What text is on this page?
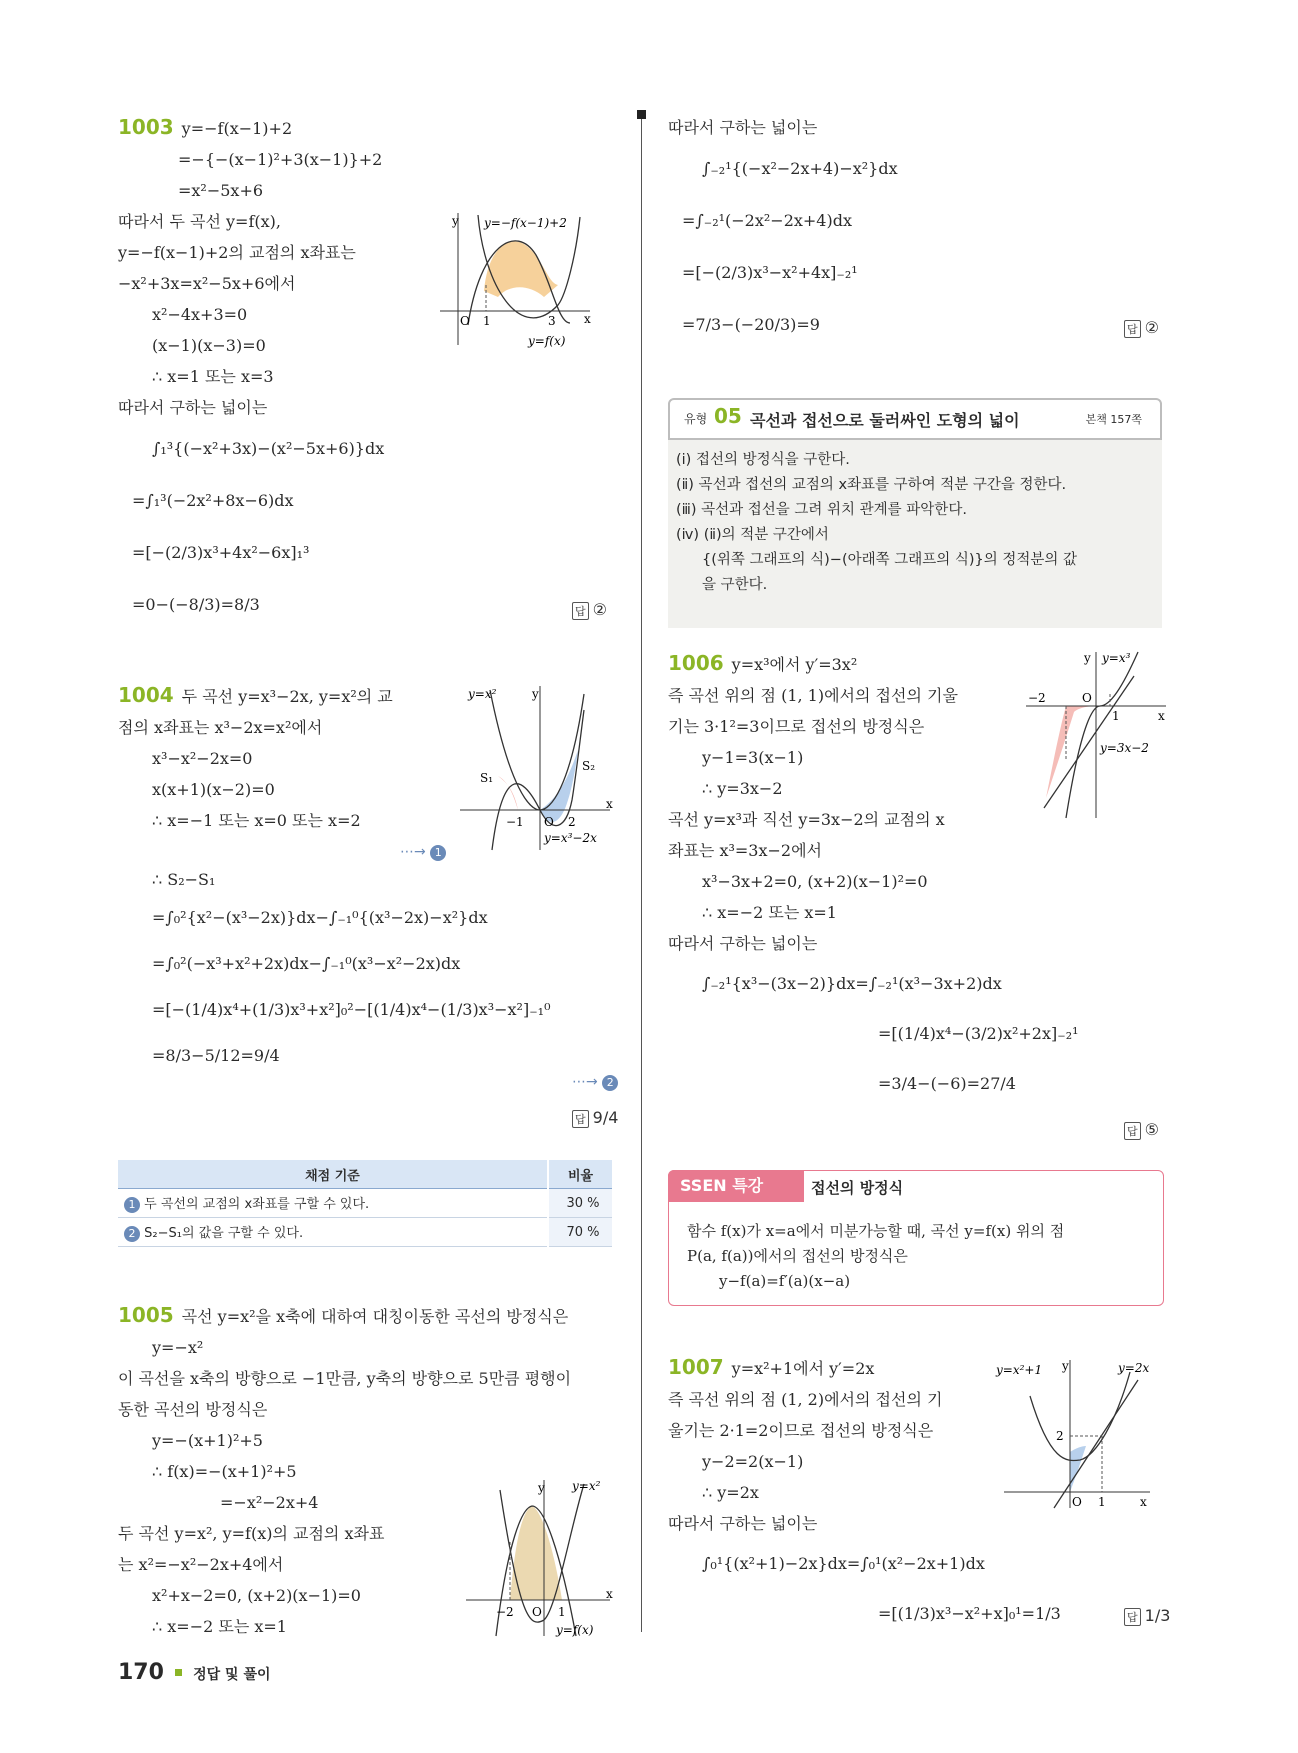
1003 y=−f(x−1)+2
=−{−(x−1)²+3(x−1)}+2
=x²−5x+6
따라서 두 곡선 y=f(x),
y=−f(x−1)+2의 교점의 x좌표는
−x²+3x=x²−5x+6에서
x²−4x+3=0
(x−1)(x−3)=0
∴ x=1 또는 x=3
따라서 구하는 넓이는
∫₁³{(−x²+3x)−(x²−5x+6)}dx
=∫₁³(−2x²+8x−6)dx
=[−(2/3)x³+4x²−6x]₁³
=0−(−8/3)=8/3	답 ②
y
x
O 1	3
y=−f(x−1)+2
y=f(x)
1004 두 곡선 y=x³−2x, y=x²의 교
점의 x좌표는 x³−2x=x²에서
x³−x²−2x=0
x(x+1)(x−2)=0
∴ x=−1 또는 x=0 또는 x=2
∴ S₂−S₁
=∫₀²{x²−(x³−2x)}dx−∫₋₁⁰{(x³−2x)−x²}dx
=∫₀²(−x³+x²+2x)dx−∫₋₁⁰(x³−x²−2x)dx
=[−(1/4)x⁴+(1/3)x³+x²]₀²−[(1/4)x⁴−(1/3)x³−x²]₋₁⁰
=8/3−5/12=9/4
⋯→ 1
⋯→ 2
답 9/4
y=x²	y
x
O
−1	2
S₁
S₂
y=x³−2x
채점 기준	비율
1 두 곡선의 교점의 x좌표를 구할 수 있다.	30 %
2 S₂−S₁의 값을 구할 수 있다.	70 %
1005 곡선 y=x²을 x축에 대하여 대칭이동한 곡선의 방정식은
y=−x²
이 곡선을 x축의 방향으로 −1만큼, y축의 방향으로 5만큼 평행이
동한 곡선의 방정식은
y=−(x+1)²+5
∴ f(x)=−(x+1)²+5
=−x²−2x+4
두 곡선 y=x², y=f(x)의 교점의 x좌표
는 x²=−x²−2x+4에서
x²+x−2=0, (x+2)(x−1)=0
∴ x=−2 또는 x=1
y y=x²
x
−2 O 1
y=f(x)
따라서 구하는 넓이는
∫₋₂¹{(−x²−2x+4)−x²}dx
=∫₋₂¹(−2x²−2x+4)dx
=[−(2/3)x³−x²+4x]₋₂¹
=7/3−(−20/3)=9	답 ②
유형 05 곡선과 접선으로 둘러싸인 도형의 넓이	본책 157쪽
(ⅰ) 접선의 방정식을 구한다.
(ⅱ) 곡선과 접선의 교점의 x좌표를 구하여 적분 구간을 정한다.
(ⅲ) 곡선과 접선을 그려 위치 관계를 파악한다.
(ⅳ) (ⅱ)의 적분 구간에서
{(위쪽 그래프의 식)−(아래쪽 그래프의 식)}의 정적분의 값
을 구한다.
1006 y=x³에서 y′=3x²
즉 곡선 위의 점 (1, 1)에서의 접선의 기울
기는 3·1²=3이므로 접선의 방정식은
y−1=3(x−1)
∴ y=3x−2
곡선 y=x³과 직선 y=3x−2의 교점의 x
좌표는 x³=3x−2에서
x³−3x+2=0, (x+2)(x−1)²=0
∴ x=−2 또는 x=1
따라서 구하는 넓이는
∫₋₂¹{x³−(3x−2)}dx=∫₋₂¹(x³−3x+2)dx
=[(1/4)x⁴−(3/2)x²+2x]₋₂¹
=3/4−(−6)=27/4
답 ⑤
y y=x³
−2	O
x
1
y=3x−2
SSEN 특강	접선의 방정식
함수 f(x)가 x=a에서 미분가능할 때, 곡선 y=f(x) 위의 점
P(a, f(a))에서의 접선의 방정식은
y−f(a)=f′(a)(x−a)
1007 y=x²+1에서 y′=2x
즉 곡선 위의 점 (1, 2)에서의 접선의 기
울기는 2·1=2이므로 접선의 방정식은
y−2=2(x−1)
∴ y=2x
따라서 구하는 넓이는
∫₀¹{(x²+1)−2x}dx=∫₀¹(x²−2x+1)dx
=[(1/3)x³−x²+x]₀¹=1/3	답 1/3
y=x²+1 y	y=2x
2
O 1	x
170 정답 및 풀이
